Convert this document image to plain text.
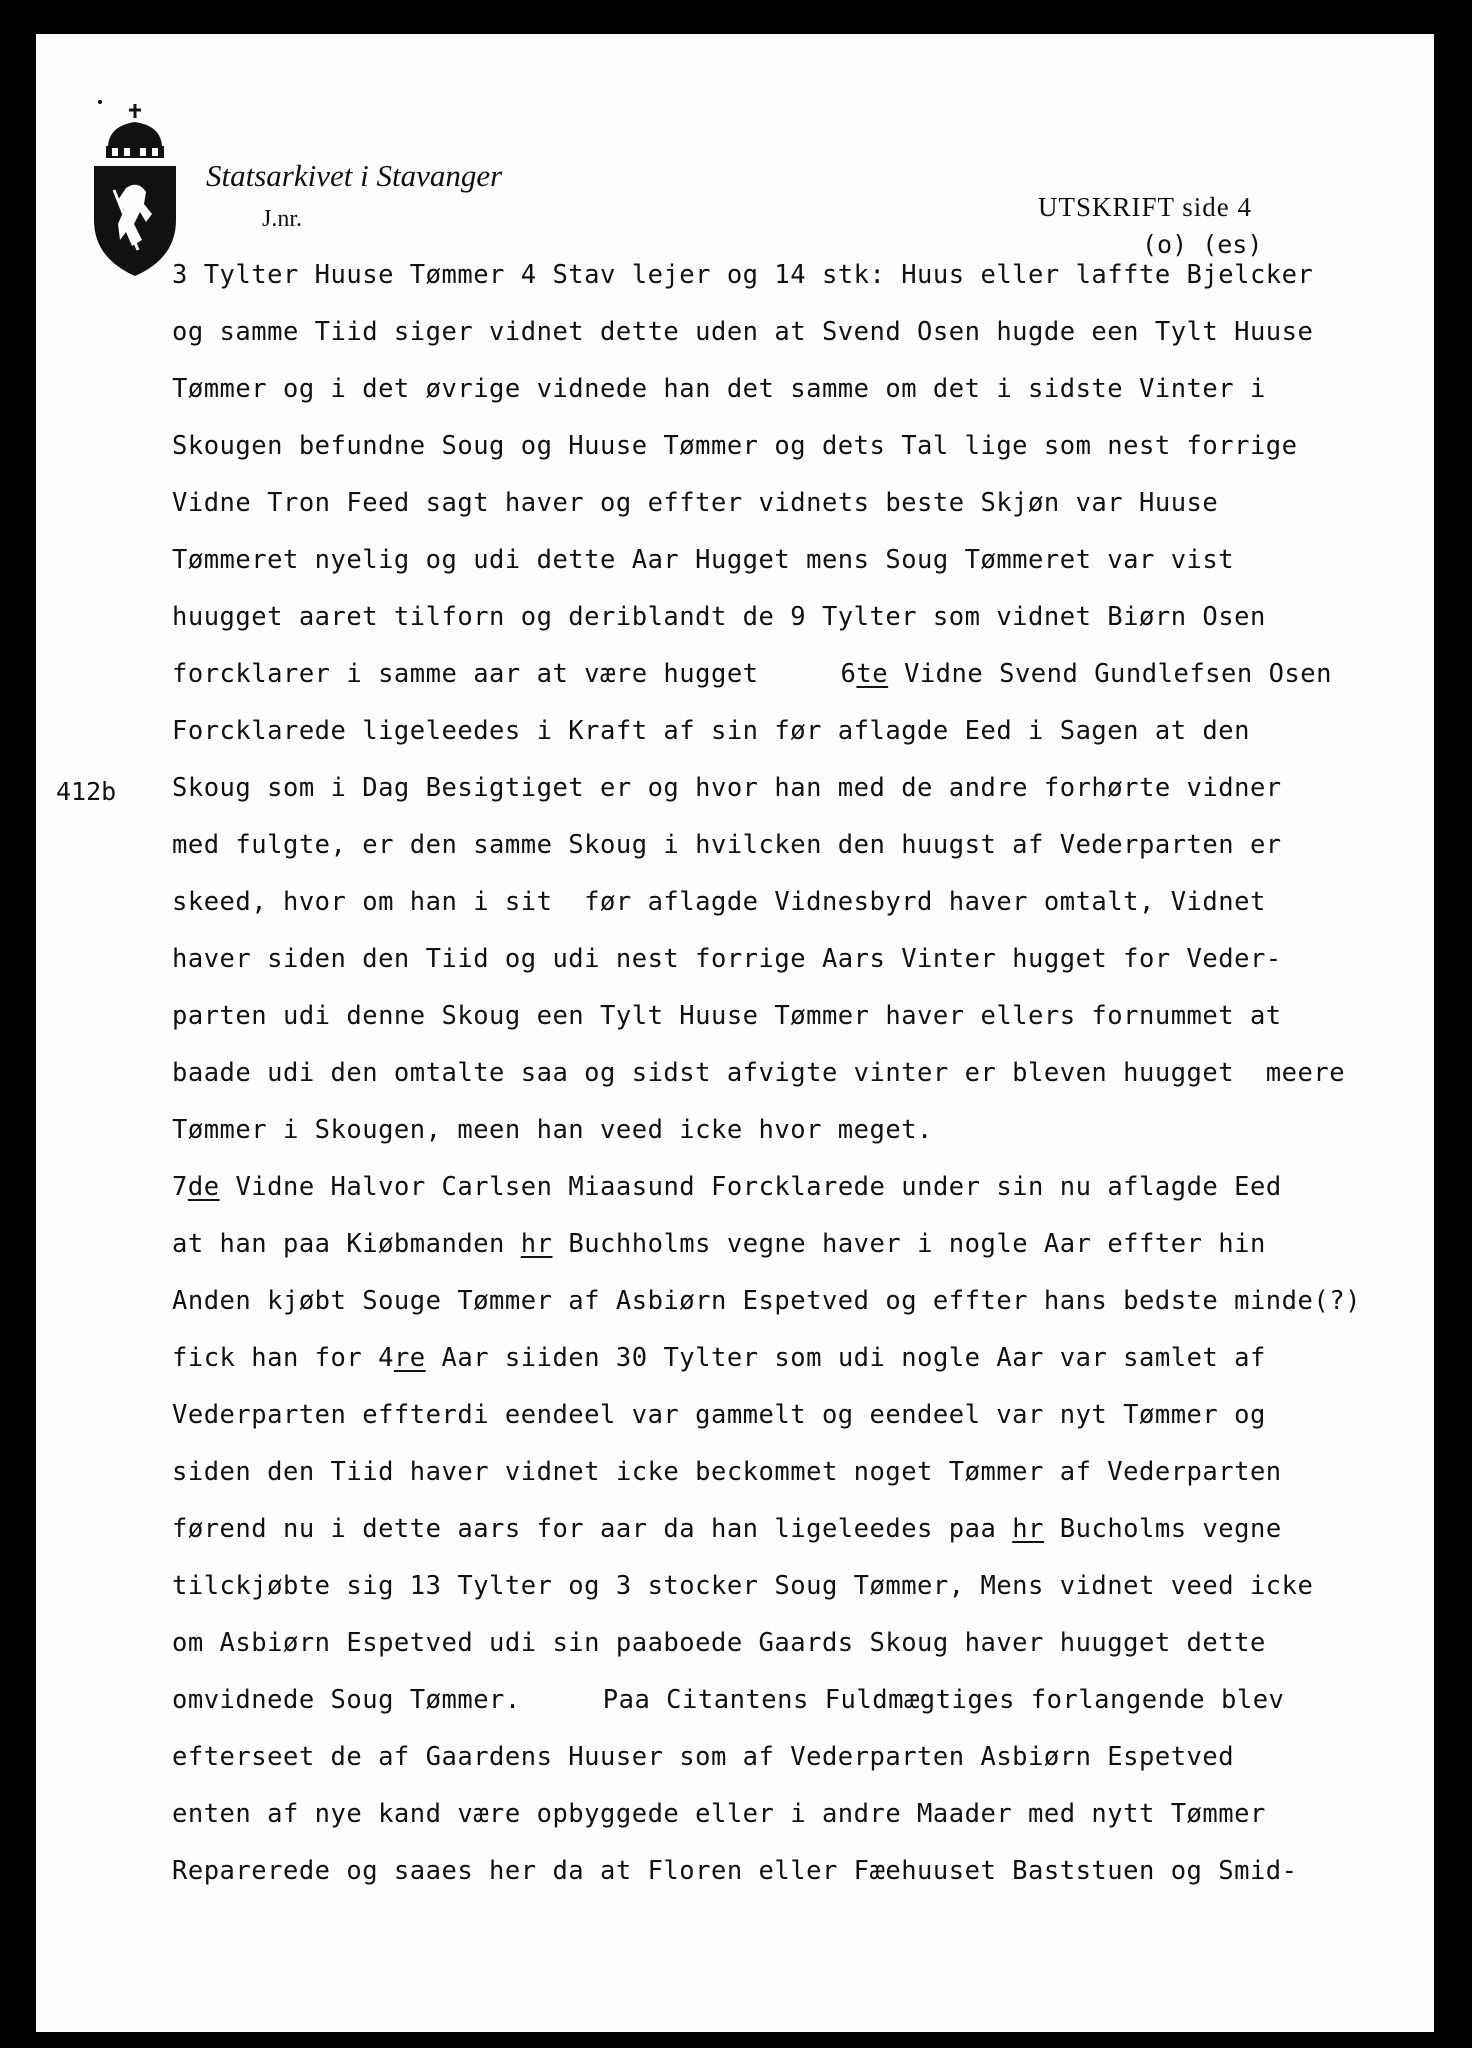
Statsarkivet i Stavanger
J.nr.	UTSKRIFT side 4
(o) (es)
412b
3 Tylter Huuse Tømmer 4 Stav lejer og 14 stk: Huus eller laffte Bjelcker
og samme Tiid siger vidnet dette uden at Svend Osen hugde een Tylt Huuse
Tømmer og i det øvrige vidnede han det samme om det i sidste Vinter i
Skougen befundne Soug og Huuse Tømmer og dets Tal lige som nest forrige
Vidne Tron Feed sagt haver og effter vidnets beste Skjøn var Huuse
Tømmeret nyelig og udi dette Aar Hugget mens Soug Tømmeret var vist
huugget aaret tilforn og deriblandt de 9 Tylter som vidnet Biørn Osen
forcklarer i samme aar at være hugget	6te Vidne Svend Gundlefsen Osen
Forcklarede ligeleedes i Kraft af sin før aflagde Eed i Sagen at den
Skoug som i Dag Besigtiget er og hvor han med de andre forhørte vidner
med fulgte, er den samme Skoug i hvilcken den huugst af Vederparten er
skeed, hvor om han i sit  før aflagde Vidnesbyrd haver omtalt, Vidnet
haver siden den Tiid og udi nest forrige Aars Vinter hugget for Veder-
parten udi denne Skoug een Tylt Huuse Tømmer haver ellers fornummet at
baade udi den omtalte saa og sidst afvigte vinter er bleven huugget  meere
Tømmer i Skougen, meen han veed icke hvor meget.
7de Vidne Halvor Carlsen Miaasund Forcklarede under sin nu aflagde Eed
at han paa Kiøbmanden hr Buchholms vegne haver i nogle Aar effter hin
Anden kjøbt Souge Tømmer af Asbiørn Espetved og effter hans bedste minde(?)
fick han for 4re Aar siiden 30 Tylter som udi nogle Aar var samlet af
Vederparten effterdi eendeel var gammelt og eendeel var nyt Tømmer og
siden den Tiid haver vidnet icke beckommet noget Tømmer af Vederparten
førend nu i dette aars for aar da han ligeleedes paa hr Bucholms vegne
tilckjøbte sig 13 Tylter og 3 stocker Soug Tømmer, Mens vidnet veed icke
om Asbiørn Espetved udi sin paaboede Gaards Skoug haver huugget dette
omvidnede Soug Tømmer.	Paa Citantens Fuldmægtiges forlangende blev
efterseet de af Gaardens Huuser som af Vederparten Asbiørn Espetved
enten af nye kand være opbyggede eller i andre Maader med nytt Tømmer
Reparerede og saaes her da at Floren eller Fæehuuset Baststuen og Smid-
